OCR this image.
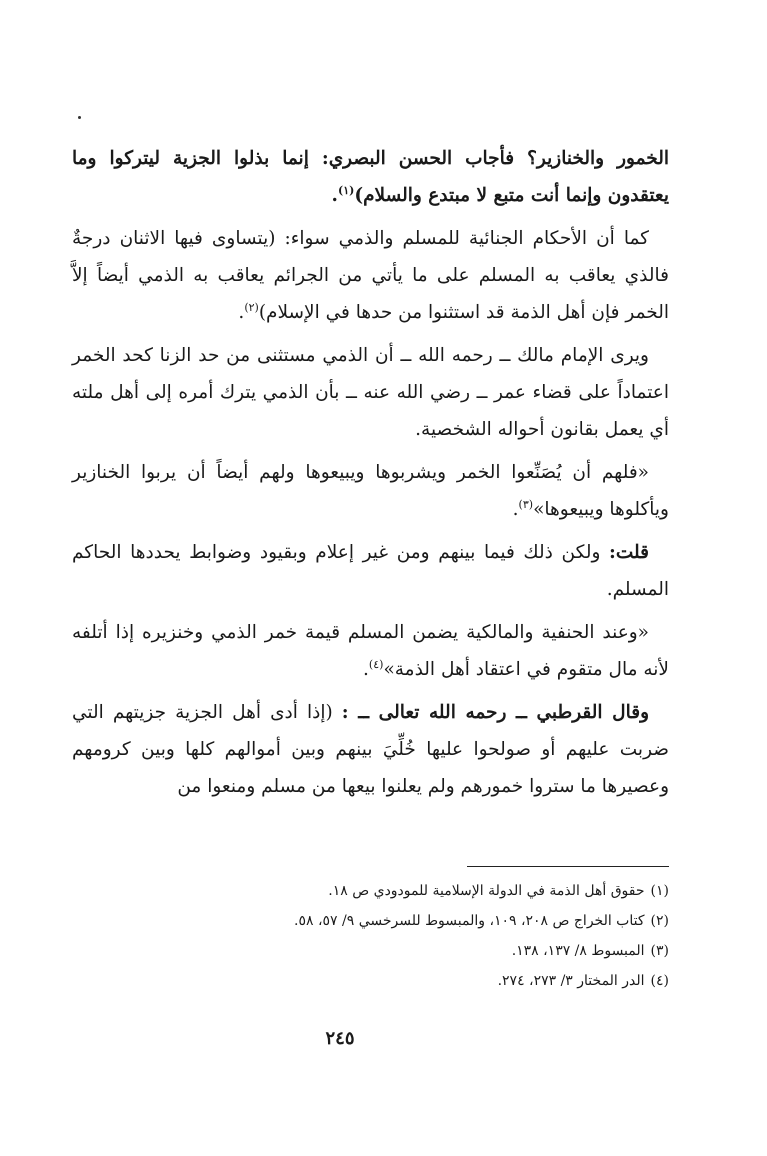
الخمور والخنازير؟ فأجاب الحسن البصري: إنما بذلوا الجزية ليتركوا وما يعتقدون وإنما أنت متبع لا مبتدع والسلام)$^{(١)}$.

كما أن الأحكام الجنائية للمسلم والذمي سواء: (يتساوى فيها الاثنان درجةٌ فالذي يعاقب به المسلم على ما يأتي من الجرائم يعاقب به الذمي أيضاً إلاَّ الخمر فإن أهل الذمة قد استثنوا من حدها في الإسلام)$^{(٢)}$.

ويرى الإمام مالك ــ رحمه الله ــ أن الذمي مستثنى من حد الزنا كحد الخمر اعتماداً على قضاء عمر ــ رضي الله عنه ــ بأن الذمي يترك أمره إلى أهل ملته أي يعمل بقانون أحواله الشخصية.

«فلهم أن يُصَنِّعوا الخمر ويشربوها ويبيعوها ولهم أيضاً أن يربوا الخنازير ويأكلوها ويبيعوها»$^{(٣)}$.

قلت: ولكن ذلك فيما بينهم ومن غير إعلام وبقيود وضوابط يحددها الحاكم المسلم.

«وعند الحنفية والمالكية يضمن المسلم قيمة خمر الذمي وخنزيره إذا أتلفه لأنه مال متقوم في اعتقاد أهل الذمة»$^{(٤)}$.

وقال القرطبي ــ رحمه الله تعالى ــ : (إذا أدى أهل الجزية جزيتهم التي ضربت عليهم أو صولحوا عليها خُلِّيَ بينهم وبين أموالهم كلها وبين كرومهم وعصيرها ما ستروا خمورهم ولم يعلنوا بيعها من مسلم ومنعوا من

(١)حقوق أهل الذمة في الدولة الإسلامية للمودودي ص ١٨.

(٢)كتاب الخراج ص ٢٠٨، ١٠٩، والمبسوط للسرخسي ٩/ ٥٧، ٥٨.

(٣)المبسوط ٨/ ١٣٧، ١٣٨.

(٤)الدر المختار ٣/ ٢٧٣، ٢٧٤.

٢٤٥
